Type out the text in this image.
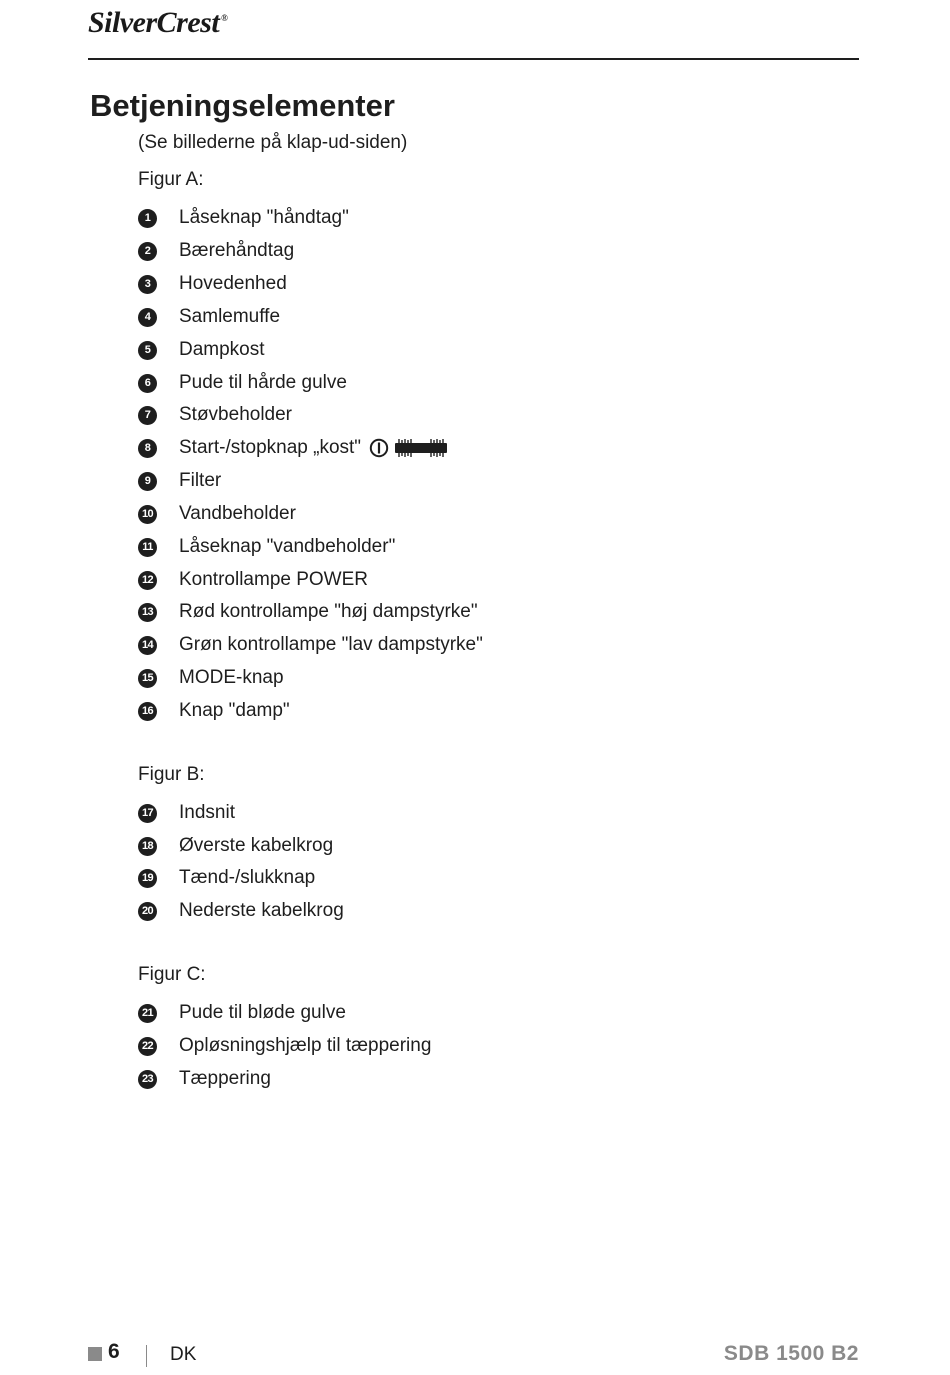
SilverCrest ®
Betjeningselementer
(Se billederne på klap-ud-siden)
Figur A:
1	Låseknap "håndtag"
2	Bærehåndtag
3	Hovedenhed
4	Samlemuffe
5	Dampkost
6	Pude til hårde gulve
7	Støvbeholder
8	Start-/stopknap „kost"
9	Filter
10 Vandbeholder
11 Låseknap "vandbeholder"
12 Kontrollampe POWER
13 Rød kontrollampe "høj dampstyrke"
14 Grøn kontrollampe "lav dampstyrke"
15 MODE-knap
16 Knap "damp"
Figur B:
17 Indsnit
18 Øverste kabelkrog
19 Tænd-/slukknap
20 Nederste kabelkrog
Figur C:
21 Pude til bløde gulve
22 Opløsningshjælp til tæppering
23 Tæppering
6	DK	SDB 1500 B2
